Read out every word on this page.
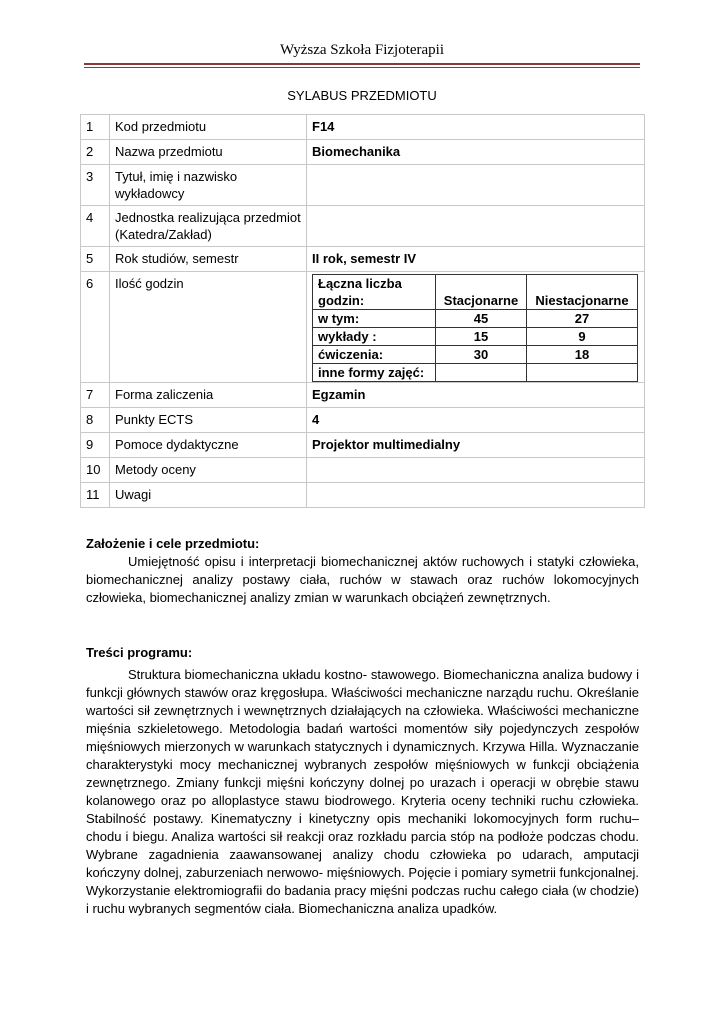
Wyższa Szkoła Fizjoterapii
SYLABUS PRZEDMIOTU
1	Kod przedmiotu	F14
2	Nazwa przedmiotu	Biomechanika
3	Tytuł, imię i nazwisko wykładowcy	
4	Jednostka realizująca przedmiot (Katedra/Zakład)	
5	Rok studiów, semestr	II rok, semestr IV
6	Ilość godzin		Łączna liczba godzin:	Stacjonarne	Niestacjonarne
w tym:	45	27
wykłady :	15	9
ćwiczenia:	30	18
inne formy zajęć:		

7	Forma zaliczenia	Egzamin
8	Punkty ECTS	4
9	Pomoce dydaktyczne	Projektor multimedialny
10	Metody oceny	
11	Uwagi	
Założenie i cele przedmiotu:

Umiejętność opisu i interpretacji biomechanicznej aktów ruchowych i statyki człowieka, biomechanicznej analizy postawy ciała, ruchów w stawach oraz ruchów lokomocyjnych człowieka, biomechanicznej analizy zmian w warunkach obciążeń zewnętrznych.

Treści programu:

Struktura biomechaniczna układu kostno- stawowego. Biomechaniczna analiza budowy i funkcji głównych stawów oraz kręgosłupa. Właściwości mechaniczne narządu ruchu. Określanie wartości sił zewnętrznych i wewnętrznych działających na człowieka. Właściwości mechaniczne mięśnia szkieletowego. Metodologia badań wartości momentów siły pojedynczych zespołów mięśniowych mierzonych w warunkach statycznych i dynamicznych. Krzywa Hilla. Wyznaczanie charakterystyki mocy mechanicznej wybranych zespołów mięśniowych w funkcji obciążenia zewnętrznego. Zmiany funkcji mięśni kończyny dolnej po urazach i operacji w obrębie stawu kolanowego oraz po alloplastyce stawu biodrowego. Kryteria oceny techniki ruchu człowieka. Stabilność postawy. Kinematyczny i kinetyczny opis mechaniki lokomocyjnych form ruchu– chodu i biegu. Analiza wartości sił reakcji oraz rozkładu parcia stóp na podłoże podczas chodu. Wybrane zagadnienia zaawansowanej analizy chodu człowieka po udarach, amputacji kończyny dolnej, zaburzeniach nerwowo- mięśniowych. Pojęcie i pomiary symetrii funkcjonalnej. Wykorzystanie elektromiografii do badania pracy mięśni podczas ruchu całego ciała (w chodzie) i ruchu wybranych segmentów ciała. Biomechaniczna analiza upadków.
